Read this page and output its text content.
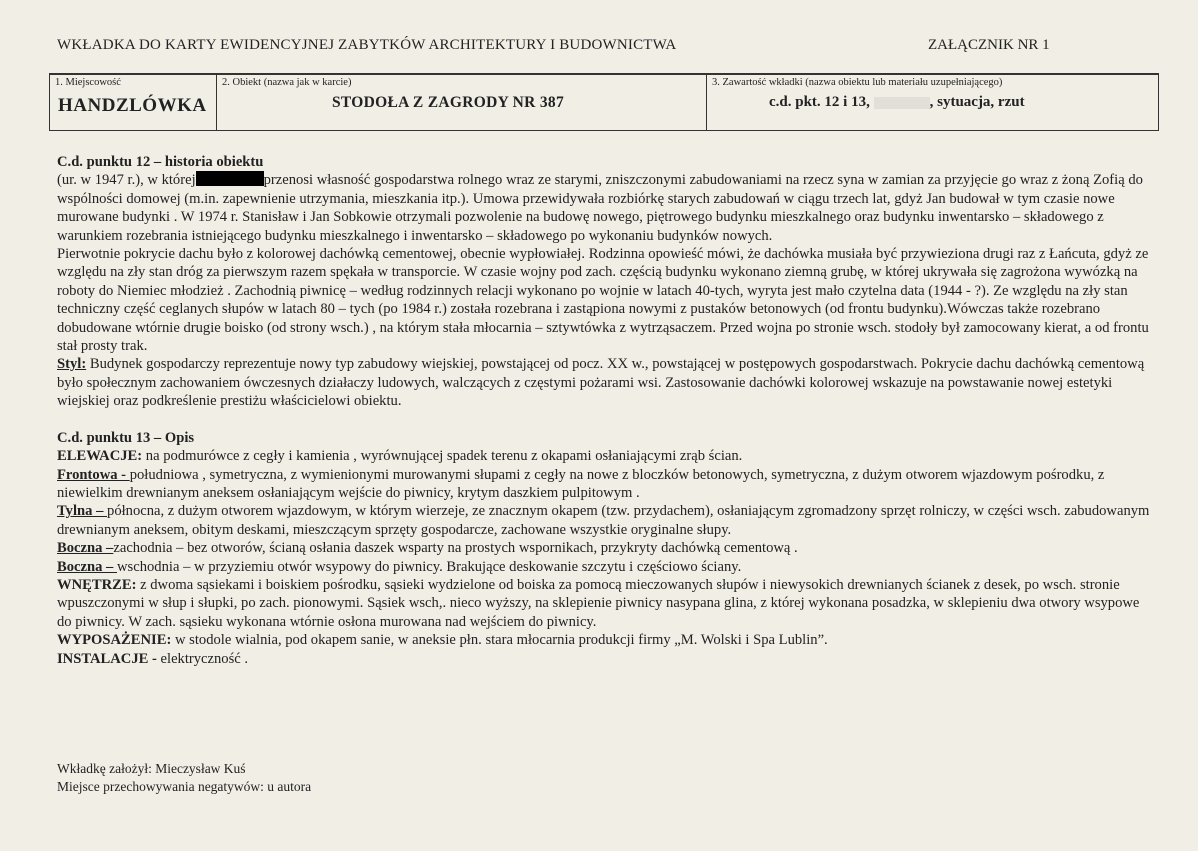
WKŁADKA DO KARTY EWIDENCYJNEJ ZABYTKÓW ARCHITEKTURY I BUDOWNICTWA	ZAŁĄCZNIK NR 1
1. Miejscowość
HANDZLÓWKA
2. Obiekt (nazwa jak w karcie)
STODOŁA Z ZAGRODY NR 387
3. Zawartość wkładki (nazwa obiektu lub materiału uzupełniającego)
c.d. pkt. 12 i 13,	, sytuacja, rzut

C.d. punktu 12 – historia obiektu

(ur. w 1947 r.), w której	przenosi własność gospodarstwa rolnego wraz ze starymi, zniszczonymi zabudowaniami na rzecz syna w zamian za przyjęcie go wraz z żoną Zofią do wspólności domowej (m.in. zapewnienie utrzymania, mieszkania itp.). Umowa przewidywała rozbiórkę starych zabudowań w ciągu trzech lat, gdyż Jan budował w tym czasie nowe murowane budynki . W 1974 r. Stanisław i Jan Sobkowie otrzymali pozwolenie na budowę nowego, piętrowego budynku mieszkalnego oraz budynku inwentarsko – składowego z warunkiem rozebrania istniejącego budynku mieszkalnego i inwentarsko – składowego po wykonaniu budynków nowych.

Pierwotnie pokrycie dachu było z kolorowej dachówką cementowej, obecnie wypłowiałej. Rodzinna opowieść mówi, że dachówka musiała być przywieziona drugi raz z Łańcuta, gdyż ze względu na zły stan dróg za pierwszym razem spękała w transporcie. W czasie wojny pod zach. częścią budynku wykonano ziemną grubę, w której ukrywała się zagrożona wywózką na roboty do Niemiec młodzież . Zachodnią piwnicę – według rodzinnych relacji wykonano po wojnie w latach 40-tych, wyryta jest mało czytelna data (1944 - ?). Ze względu na zły stan techniczny część ceglanych słupów w latach 80 – tych (po 1984 r.) została rozebrana i zastąpiona nowymi z pustaków betonowych (od frontu budynku).Wówczas także rozebrano dobudowane wtórnie drugie boisko (od strony wsch.) , na którym stała młocarnia – sztywtówka z wytrząsaczem. Przed wojna po stronie wsch. stodoły był zamocowany kierat, a od frontu stał prosty trak.

Styl: Budynek gospodarczy reprezentuje nowy typ zabudowy wiejskiej, powstającej od pocz. XX w., powstającej w postępowych gospodarstwach. Pokrycie dachu dachówką cementową było społecznym zachowaniem ówczesnych działaczy ludowych, walczących z częstymi pożarami wsi. Zastosowanie dachówki kolorowej wskazuje na powstawanie nowej estetyki wiejskiej oraz podkreślenie prestiżu właścicielowi obiektu.

C.d. punktu 13 – Opis

ELEWACJE: na podmurówce z cegły i kamienia , wyrównującej spadek terenu z okapami osłaniającymi zrąb ścian.

Frontowa - południowa , symetryczna, z wymienionymi murowanymi słupami z cegły na nowe z bloczków betonowych, symetryczna, z dużym otworem wjazdowym pośrodku, z niewielkim drewnianym aneksem osłaniającym wejście do piwnicy, krytym daszkiem pulpitowym .

Tylna – północna, z dużym otworem wjazdowym, w którym wierzeje, ze znacznym okapem (tzw. przydachem), osłaniającym zgromadzony sprzęt rolniczy, w części wsch. zabudowanym drewnianym aneksem, obitym deskami, mieszczącym sprzęty gospodarcze, zachowane wszystkie oryginalne słupy.

Boczna –zachodnia – bez otworów, ścianą osłania daszek wsparty na prostych wspornikach, przykryty dachówką cementową .

Boczna – wschodnia – w przyziemiu otwór wsypowy do piwnicy. Brakujące deskowanie szczytu i częściowo ściany.

WNĘTRZE: z dwoma sąsiekami i boiskiem pośrodku, sąsieki wydzielone od boiska za pomocą mieczowanych słupów i niewysokich drewnianych ścianek z desek, po wsch. stronie wpuszczonymi w słup i słupki, po zach. pionowymi. Sąsiek wsch,. nieco wyższy, na sklepienie piwnicy nasypana glina, z której wykonana posadzka, w sklepieniu dwa otwory wsypowe do piwnicy. W zach. sąsieku wykonana wtórnie osłona murowana nad wejściem do piwnicy.

WYPOSAŻENIE: w stodole wialnia, pod okapem sanie, w aneksie płn. stara młocarnia produkcji firmy „M. Wolski i Spa Lublin”.

INSTALACJE - elektryczność .

Wkładkę założył: Mieczysław Kuś
Miejsce przechowywania negatywów: u autora
